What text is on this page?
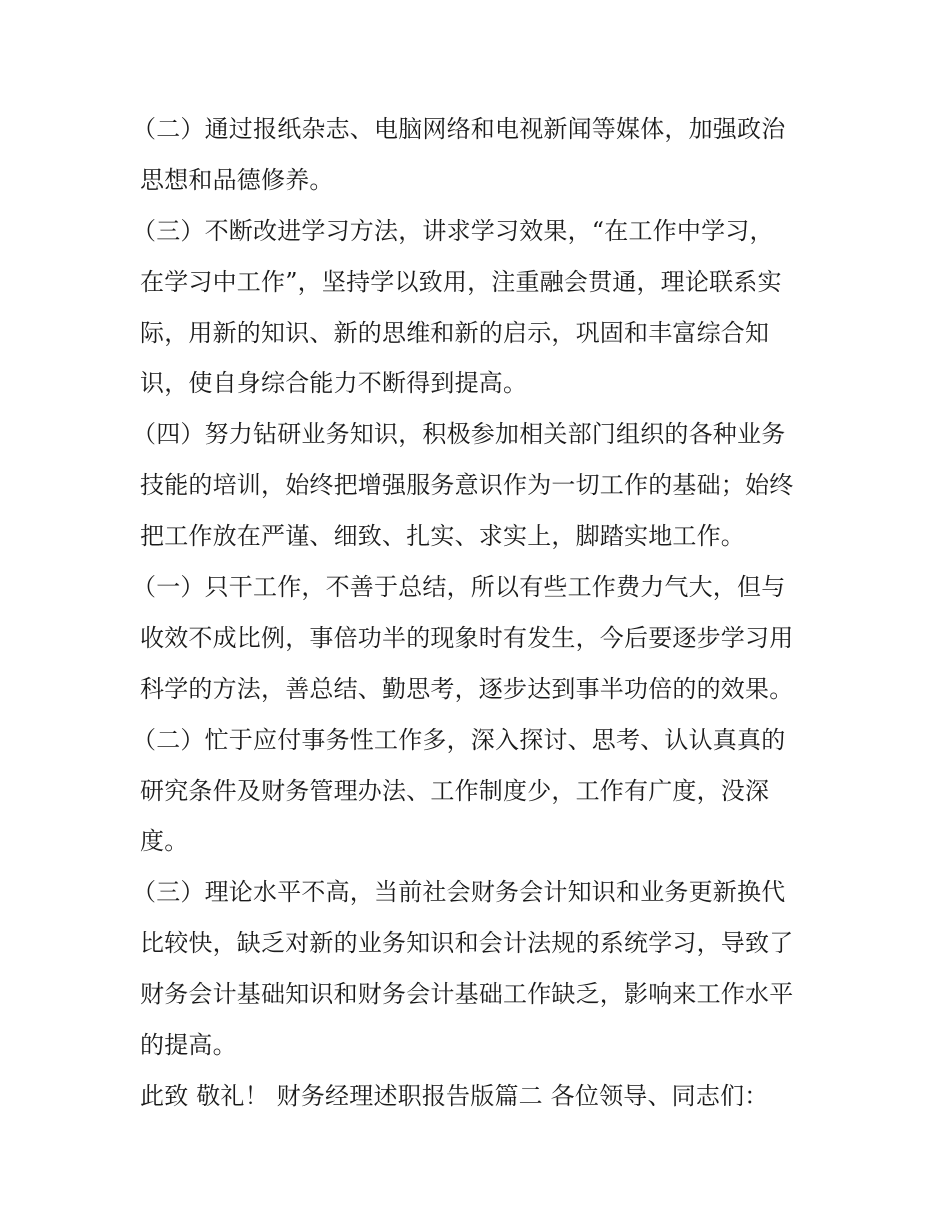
（二）通过报纸杂志、电脑网络和电视新闻等媒体，加强政治
思想和品德修养。
（三）不断改进学习方法，讲求学习效果，“在工作中学习，
在学习中工作”，坚持学以致用，注重融会贯通，理论联系实
际，用新的知识、新的思维和新的启示，巩固和丰富综合知
识，使自身综合能力不断得到提高。
（四）努力钻研业务知识，积极参加相关部门组织的各种业务
技能的培训，始终把增强服务意识作为一切工作的基础；始终
把工作放在严谨、细致、扎实、求实上，脚踏实地工作。
（一）只干工作，不善于总结，所以有些工作费力气大，但与
收效不成比例，事倍功半的现象时有发生，今后要逐步学习用
科学的方法，善总结、勤思考，逐步达到事半功倍的的效果。
（二）忙于应付事务性工作多，深入探讨、思考、认认真真的
研究条件及财务管理办法、工作制度少，工作有广度，没深
度。
（三）理论水平不高，当前社会财务会计知识和业务更新换代
比较快，缺乏对新的业务知识和会计法规的系统学习，导致了
财务会计基础知识和财务会计基础工作缺乏，影响来工作水平
的提高。
此致 敬礼！ 财务经理述职报告版篇二 各位领导、同志们：
